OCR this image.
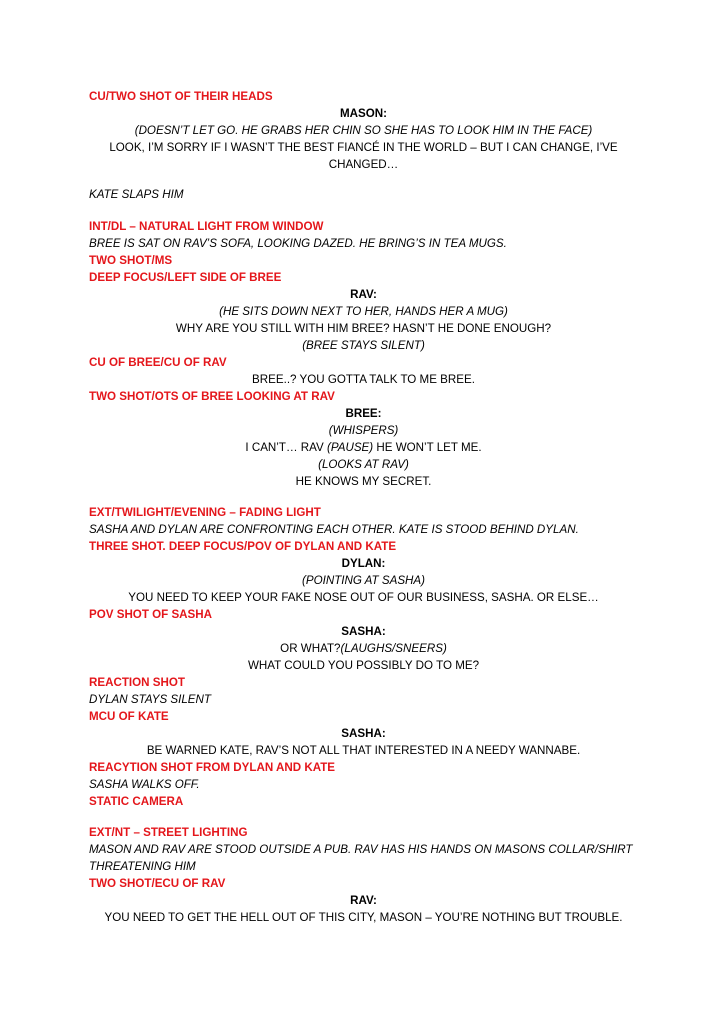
CU/TWO SHOT OF THEIR HEADS
MASON:
(DOESN’T LET GO. HE GRABS HER CHIN SO SHE HAS TO LOOK HIM IN THE FACE)
LOOK, I’M SORRY IF I WASN’T THE BEST FIANCÉ IN THE WORLD – BUT I CAN CHANGE, I’VE
CHANGED…
KATE SLAPS HIM
INT/DL – NATURAL LIGHT FROM WINDOW
BREE IS SAT ON RAV’S SOFA, LOOKING DAZED. HE BRING’S IN TEA MUGS.
TWO SHOT/MS
DEEP FOCUS/LEFT SIDE OF BREE
RAV:
(HE SITS DOWN NEXT TO HER, HANDS HER A MUG)
WHY ARE YOU STILL WITH HIM BREE? HASN’T HE DONE ENOUGH?
(BREE STAYS SILENT)
CU OF BREE/CU OF RAV
BREE..? YOU GOTTA TALK TO ME BREE.
TWO SHOT/OTS OF BREE LOOKING AT RAV
BREE:
(WHISPERS)
I CAN’T… RAV (PAUSE) HE WON’T LET ME.
(LOOKS AT RAV)
HE KNOWS MY SECRET.
EXT/TWILIGHT/EVENING – FADING LIGHT
SASHA AND DYLAN ARE CONFRONTING EACH OTHER. KATE IS STOOD BEHIND DYLAN.
THREE SHOT. DEEP FOCUS/POV OF DYLAN AND KATE
DYLAN:
(POINTING AT SASHA)
YOU NEED TO KEEP YOUR FAKE NOSE OUT OF OUR BUSINESS, SASHA. OR ELSE…
POV SHOT OF SASHA
SASHA:
OR WHAT?(LAUGHS/SNEERS)
WHAT COULD YOU POSSIBLY DO TO ME?
REACTION SHOT
DYLAN STAYS SILENT
MCU OF KATE
SASHA:
BE WARNED KATE, RAV’S NOT ALL THAT INTERESTED IN A NEEDY WANNABE.
REACYTION SHOT FROM DYLAN AND KATE
SASHA WALKS OFF.
STATIC CAMERA
EXT/NT – STREET LIGHTING
MASON AND RAV ARE STOOD OUTSIDE A PUB. RAV HAS HIS HANDS ON MASONS COLLAR/SHIRT
THREATENING HIM
TWO SHOT/ECU OF RAV
RAV:
YOU NEED TO GET THE HELL OUT OF THIS CITY, MASON – YOU’RE NOTHING BUT TROUBLE.
